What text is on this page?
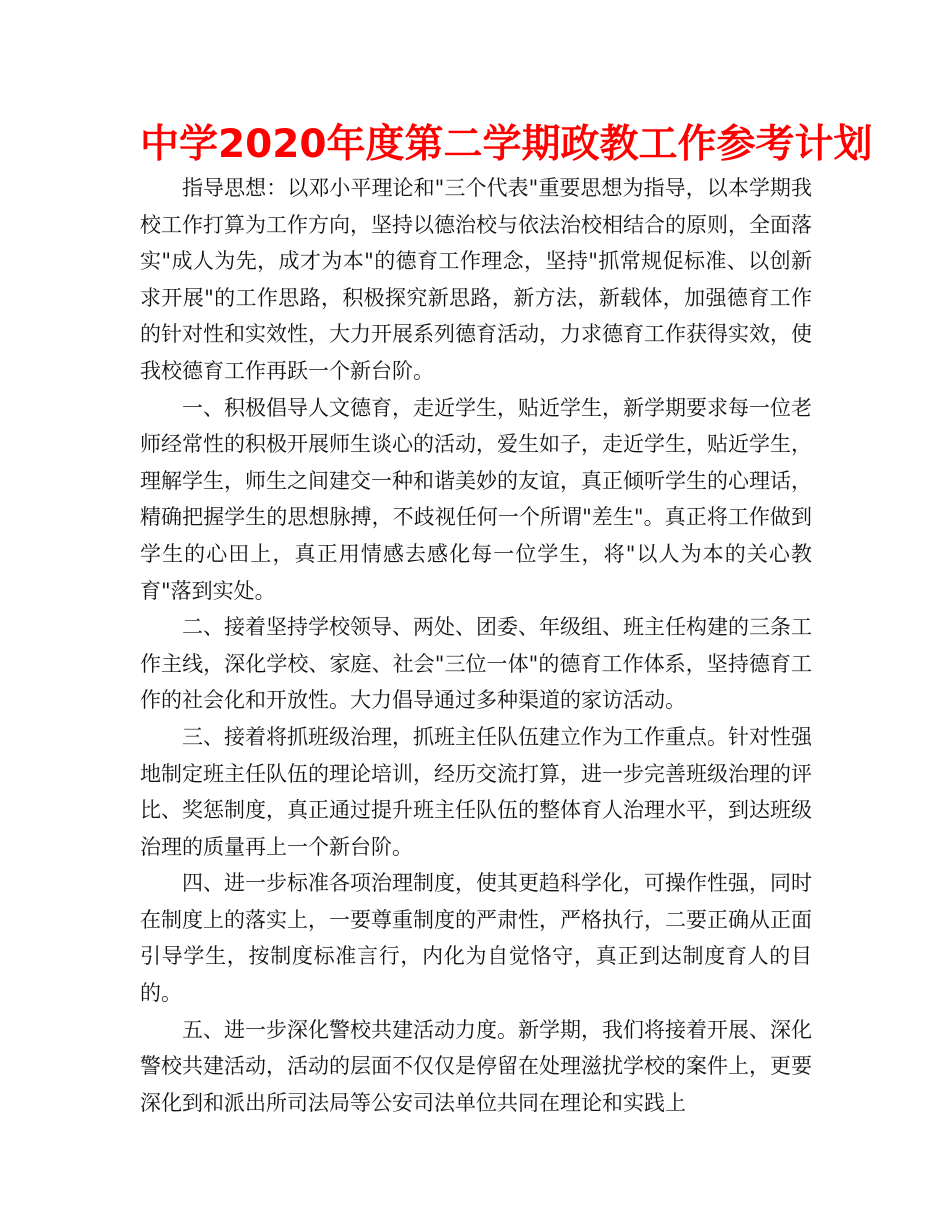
中学2020年度第二学期政教工作参考计划

指导思想：以邓小平理论和"三个代表"重要思想为指导，以本学期我校工作打算为工作方向，坚持以德治校与依法治校相结合的原则，全面落实"成人为先，成才为本"的德育工作理念，坚持"抓常规促标准、以创新求开展"的工作思路，积极探究新思路，新方法，新载体，加强德育工作的针对性和实效性，大力开展系列德育活动，力求德育工作获得实效，使我校德育工作再跃一个新台阶。

一、积极倡导人文德育，走近学生，贴近学生，新学期要求每一位老师经常性的积极开展师生谈心的活动，爱生如子，走近学生，贴近学生，理解学生，师生之间建交一种和谐美妙的友谊，真正倾听学生的心理话，精确把握学生的思想脉搏，不歧视任何一个所谓"差生"。真正将工作做到学生的心田上，真正用情感去感化每一位学生，将"以人为本的关心教育"落到实处。

二、接着坚持学校领导、两处、团委、年级组、班主任构建的三条工作主线，深化学校、家庭、社会"三位一体"的德育工作体系，坚持德育工作的社会化和开放性。大力倡导通过多种渠道的家访活动。

三、接着将抓班级治理，抓班主任队伍建立作为工作重点。针对性强地制定班主任队伍的理论培训，经历交流打算，进一步完善班级治理的评比、奖惩制度，真正通过提升班主任队伍的整体育人治理水平，到达班级治理的质量再上一个新台阶。

四、进一步标准各项治理制度，使其更趋科学化，可操作性强，同时在制度上的落实上，一要尊重制度的严肃性，严格执行，二要正确从正面引导学生，按制度标准言行，内化为自觉恪守，真正到达制度育人的目的。

五、进一步深化警校共建活动力度。新学期，我们将接着开展、深化警校共建活动，活动的层面不仅仅是停留在处理滋扰学校的案件上，更要深化到和派出所司法局等公安司法单位共同在理论和实践上
